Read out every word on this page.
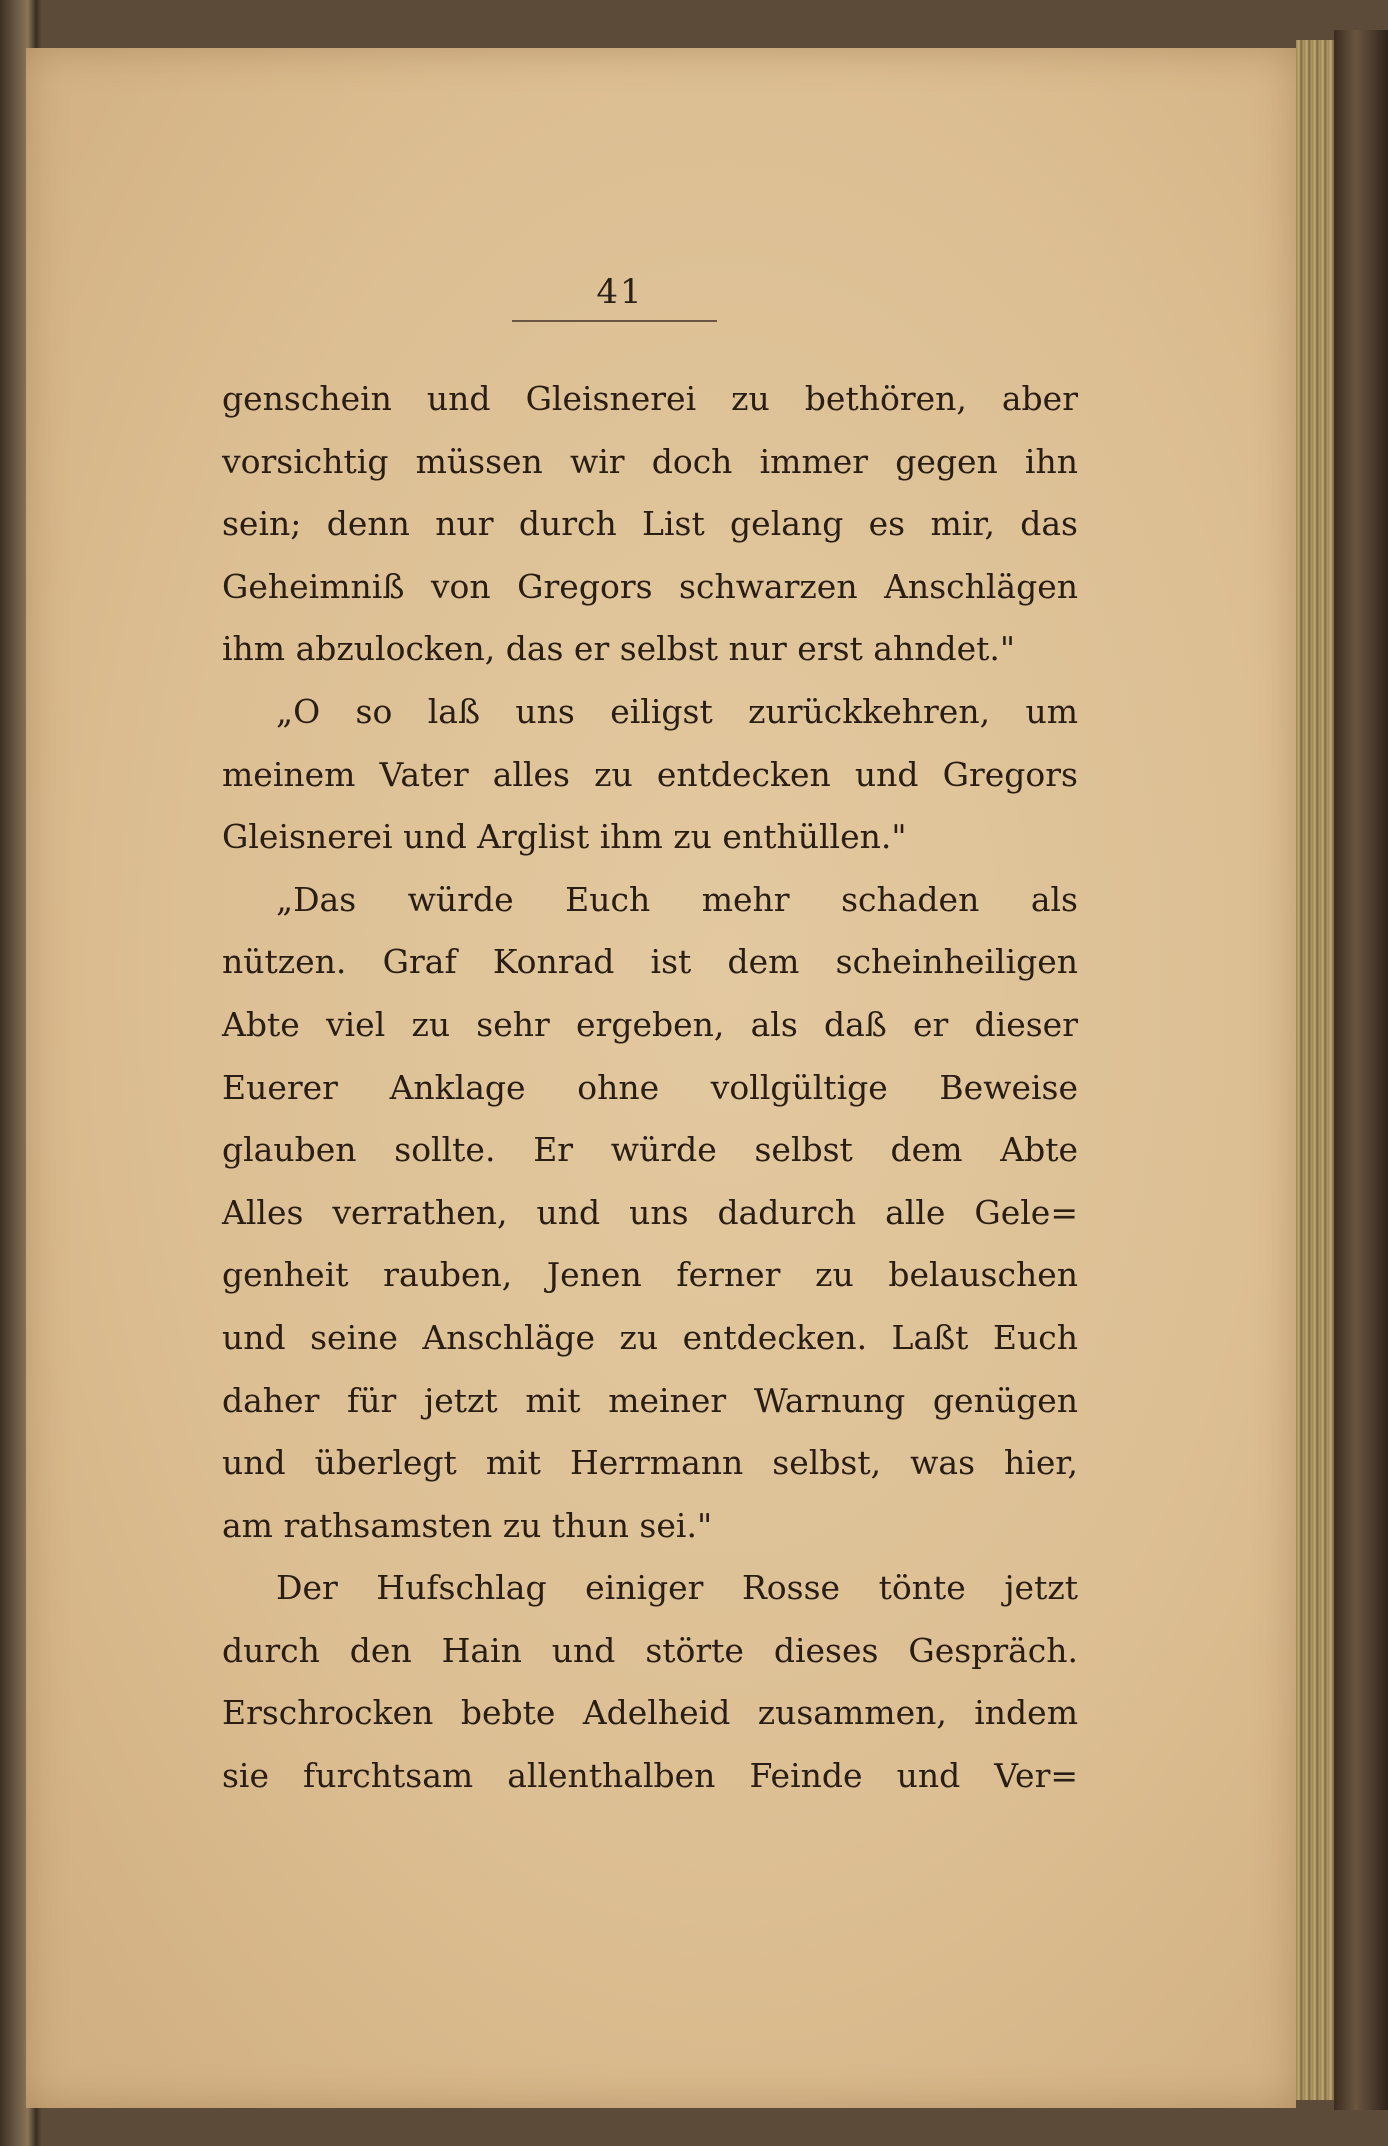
41
genschein und Gleisnerei zu bethören, aber
vorsichtig müssen wir doch immer gegen ihn
sein; denn nur durch List gelang es mir, das
Geheimniß von Gregors schwarzen Anschlägen
ihm abzulocken, das er selbst nur erst ahndet."
„O so laß uns eiligst zurückkehren, um
meinem Vater alles zu entdecken und Gregors
Gleisnerei und Arglist ihm zu enthüllen."
„Das würde Euch mehr schaden als
nützen. Graf Konrad ist dem scheinheiligen
Abte viel zu sehr ergeben, als daß er dieser
Euerer Anklage ohne vollgültige Beweise
glauben sollte. Er würde selbst dem Abte
Alles verrathen, und uns dadurch alle Gele=
genheit rauben, Jenen ferner zu belauschen
und seine Anschläge zu entdecken. Laßt Euch
daher für jetzt mit meiner Warnung genügen
und überlegt mit Herrmann selbst, was hier,
am rathsamsten zu thun sei."
Der Hufschlag einiger Rosse tönte jetzt
durch den Hain und störte dieses Gespräch.
Erschrocken bebte Adelheid zusammen, indem
sie furchtsam allenthalben Feinde und Ver=
